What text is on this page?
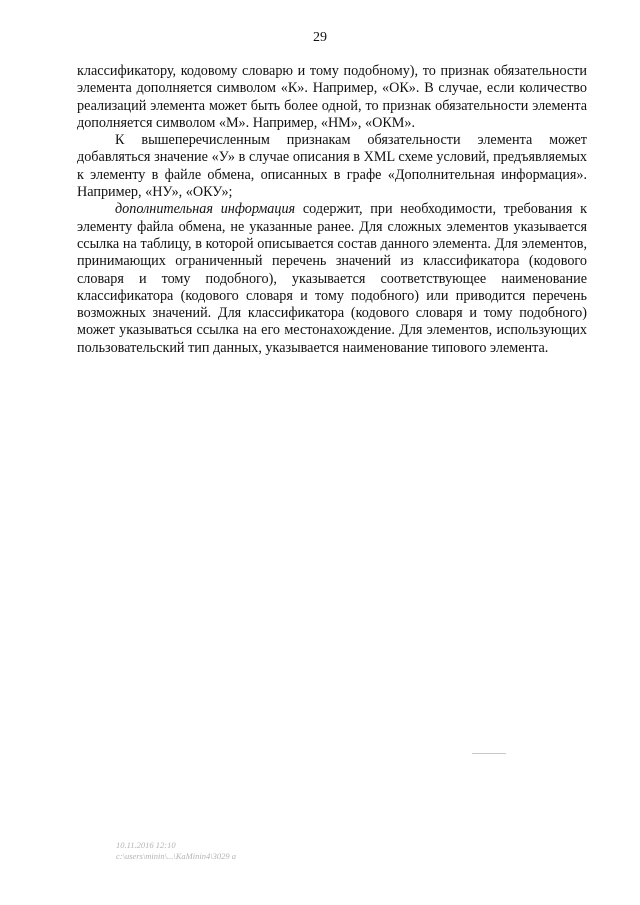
29

классификатору, кодовому словарю и тому подобному), то признак обязательности элемента дополняется символом «К». Например, «ОК». В случае, если количество реализаций элемента может быть более одной, то признак обязательности элемента дополняется символом «М». Например, «НМ», «ОКМ».

К вышеперечисленным признакам обязательности элемента может добавляться значение «У» в случае описания в XML схеме условий, предъявляемых к элементу в файле обмена, описанных в графе «Дополнительная информация». Например, «НУ», «ОКУ»;

дополнительная информация содержит, при необходимости, требования к элементу файла обмена, не указанные ранее. Для сложных элементов указывается ссылка на таблицу, в которой описывается состав данного элемента. Для элементов, принимающих ограниченный перечень значений из классификатора (кодового словаря и тому подобного), указывается соответствующее наименование классификатора (кодового словаря и тому подобного) или приводится перечень возможных значений. Для классификатора (кодового словаря и тому подобного) может указываться ссылка на его местонахождение. Для элементов, использующих пользовательский тип данных, указывается наименование типового элемента.

10.11.2016 12:10
c:\users\minin\...\KaMinin4\3029 a
